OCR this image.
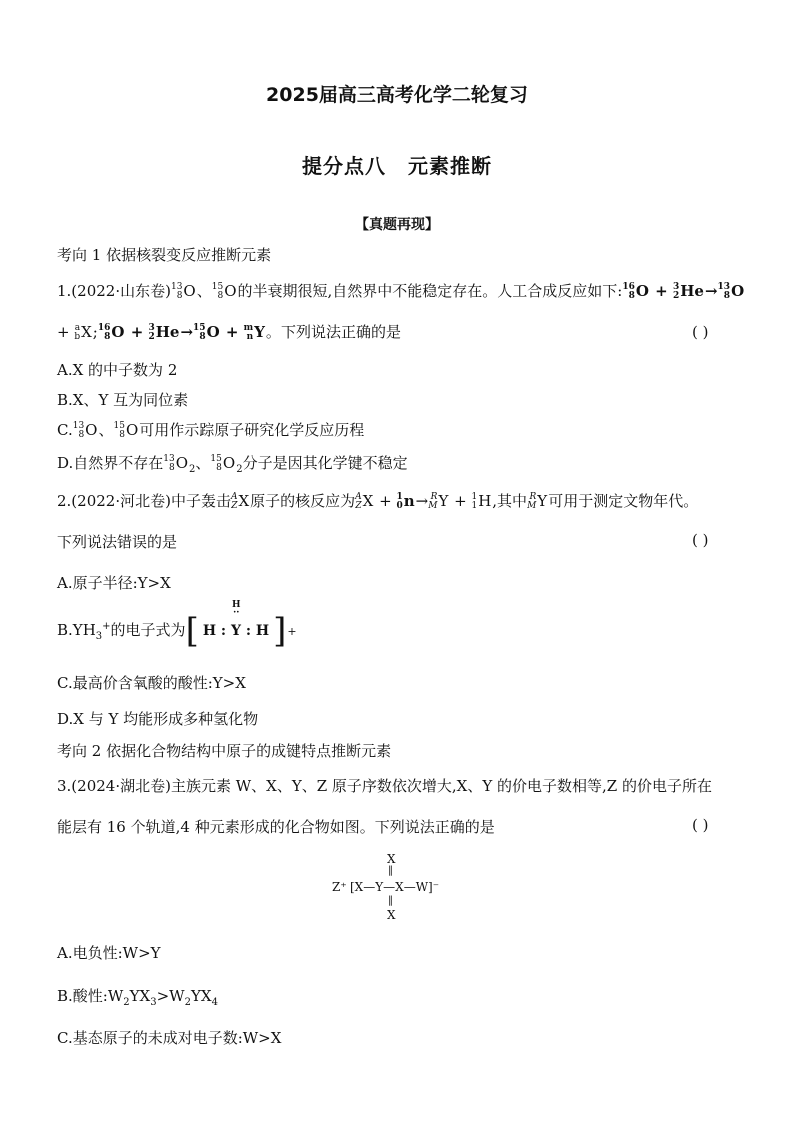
2025届高三高考化学二轮复习
提分点八 元素推断
【真题再现】
考向 1 依据核裂变反应推断元素
1.(2022·山东卷) 13
8 O、 15
8 O的半衰期很短,自然界中不能稳定存在。人工合成反应如下: 16
8 O + 3
2 He→ 13
8 O
+ a
b X; 16
8 O + 3
2 He→ 15
8 O + m
n Y。下列说法正确的是	( )
A.X 的中子数为 2
B.X、Y 互为同位素
C. 13
8 O、 15
8 O可用作示踪原子研究化学反应历程
D.自然界不存在 13
8 $O_2$、 15
8 $O_2$分子是因其化学键不稳定
2.(2022·河北卷)中子轰击 A
Z X原子的核反应为 A
Z X + 1
0 n→ R
M Y + 1
1 H,其中 R
M Y可用于测定文物年代。
下列说法错误的是	( )
A.原子半径:Y>X
$B.YH_3^+$的电子式为 [ H :
H
··
Y : H ] +
C.最高价含氧酸的酸性:Y>X
D.X 与 Y 均能形成多种氢化物
考向 2 依据化合物结构中原子的成键特点推断元素
3.(2024·湖北卷)主族元素 W、X、Y、Z 原子序数依次增大,X、Y 的价电子数相等,Z 的价电子所在
能层有 16 个轨道,4 种元素形成的化合物如图。下列说法正确的是	( )
X
‖
Z⁺ [X—Y—X—W]⁻
‖
X
A.电负性:W>Y
B.酸性$:W_2YX_3>W_2YX_4$
C.基态原子的未成对电子数:W>X
